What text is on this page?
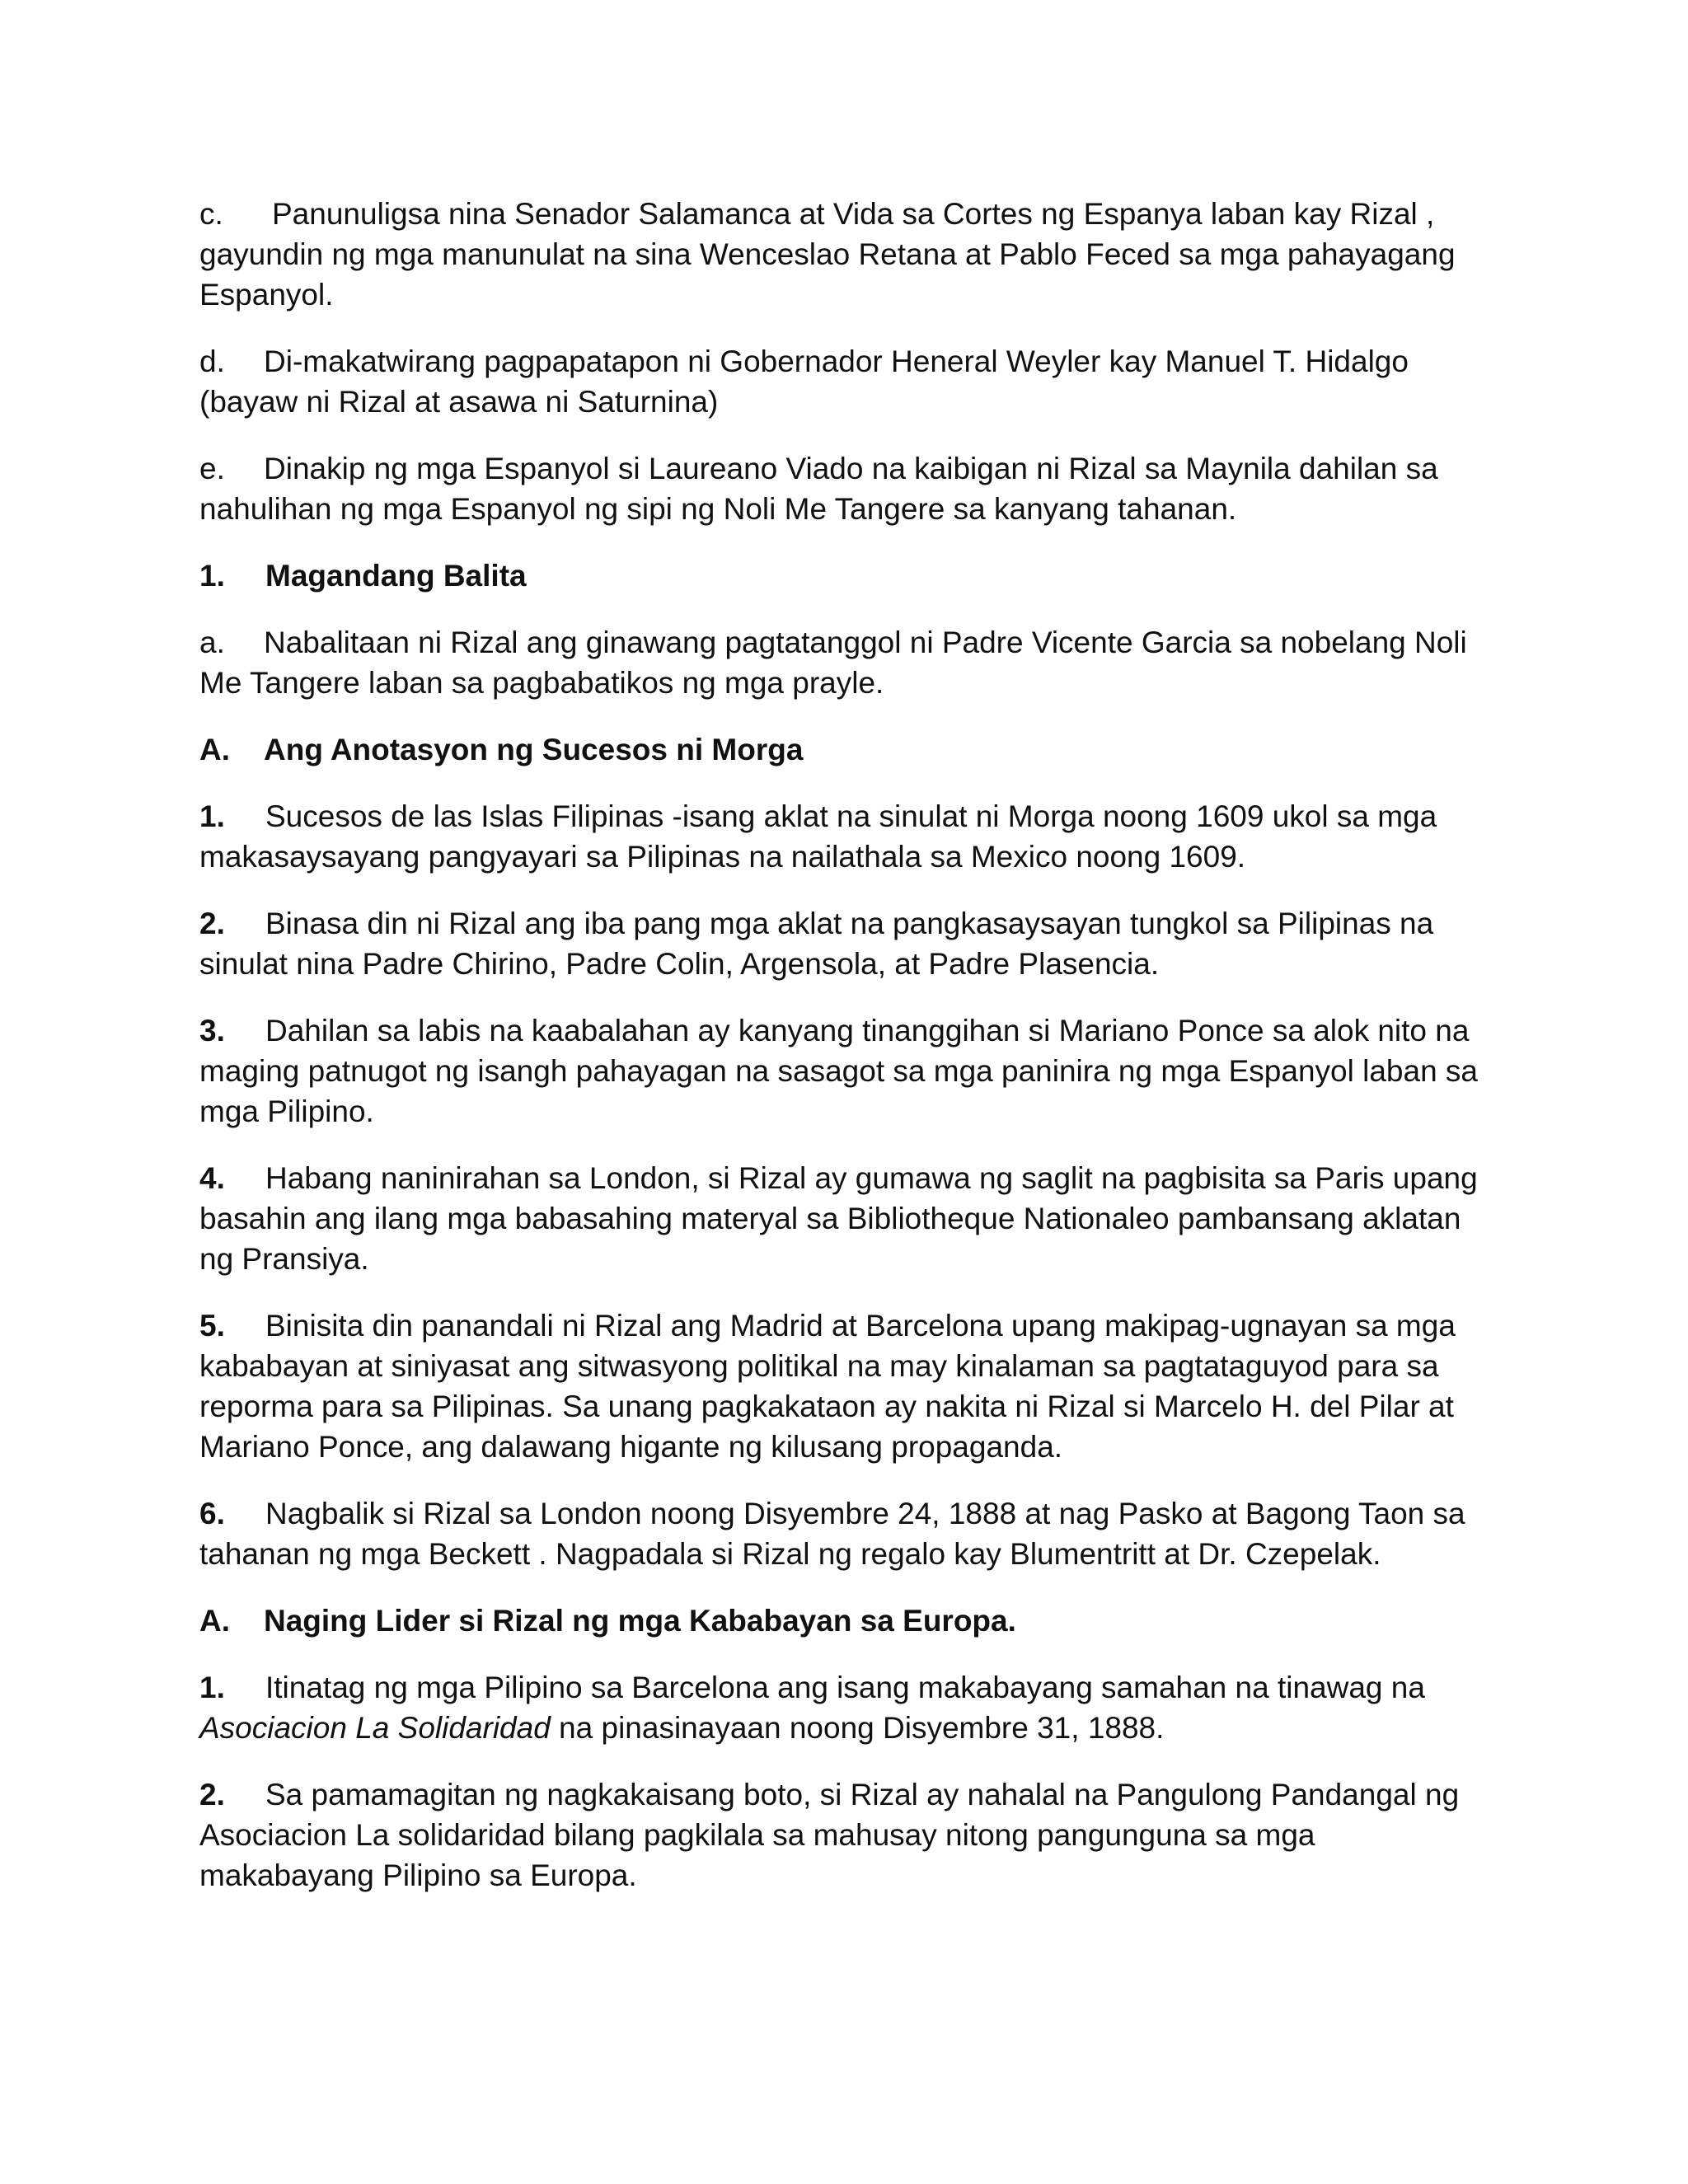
c. Panunuligsa nina Senador Salamanca at Vida sa Cortes ng Espanya laban kay Rizal , gayundin ng mga manunulat na sina Wenceslao Retana at Pablo Feced sa mga pahayagang Espanyol.

d. Di-makatwirang pagpapatapon ni Gobernador Heneral Weyler kay Manuel T. Hidalgo (bayaw ni Rizal at asawa ni Saturnina)

e. Dinakip ng mga Espanyol si Laureano Viado na kaibigan ni Rizal sa Maynila dahilan sa nahulihan ng mga Espanyol ng sipi ng Noli Me Tangere sa kanyang tahanan.

1. Magandang Balita

a. Nabalitaan ni Rizal ang ginawang pagtatanggol ni Padre Vicente Garcia sa nobelang Noli Me Tangere laban sa pagbabatikos ng mga prayle.

A. Ang Anotasyon ng Sucesos ni Morga

1. Sucesos de las Islas Filipinas -isang aklat na sinulat ni Morga noong 1609 ukol sa mga makasaysayang pangyayari sa Pilipinas na nailathala sa Mexico noong 1609.

2. Binasa din ni Rizal ang iba pang mga aklat na pangkasaysayan tungkol sa Pilipinas na sinulat nina Padre Chirino, Padre Colin, Argensola, at Padre Plasencia.

3. Dahilan sa labis na kaabalahan ay kanyang tinanggihan si Mariano Ponce sa alok nito na maging patnugot ng isangh pahayagan na sasagot sa mga paninira ng mga Espanyol laban sa mga Pilipino.

4. Habang naninirahan sa London, si Rizal ay gumawa ng saglit na pagbisita sa Paris upang basahin ang ilang mga babasahing materyal sa Bibliotheque Nationaleo pambansang aklatan ng Pransiya.

5. Binisita din panandali ni Rizal ang Madrid at Barcelona upang makipag-ugnayan sa mga kababayan at siniyasat ang sitwasyong politikal na may kinalaman sa pagtataguyod para sa reporma para sa Pilipinas. Sa unang pagkakataon ay nakita ni Rizal si Marcelo H. del Pilar at Mariano Ponce, ang dalawang higante ng kilusang propaganda.

6. Nagbalik si Rizal sa London noong Disyembre 24, 1888 at nag Pasko at Bagong Taon sa tahanan ng mga Beckett . Nagpadala si Rizal ng regalo kay Blumentritt at Dr. Czepelak.

A. Naging Lider si Rizal ng mga Kababayan sa Europa.

1. Itinatag ng mga Pilipino sa Barcelona ang isang makabayang samahan na tinawag na Asociacion La Solidaridad na pinasinayaan noong Disyembre 31, 1888.

2. Sa pamamagitan ng nagkakaisang boto, si Rizal ay nahalal na Pangulong Pandangal ng Asociacion La solidaridad bilang pagkilala sa mahusay nitong pangunguna sa mga makabayang Pilipino sa Europa.
